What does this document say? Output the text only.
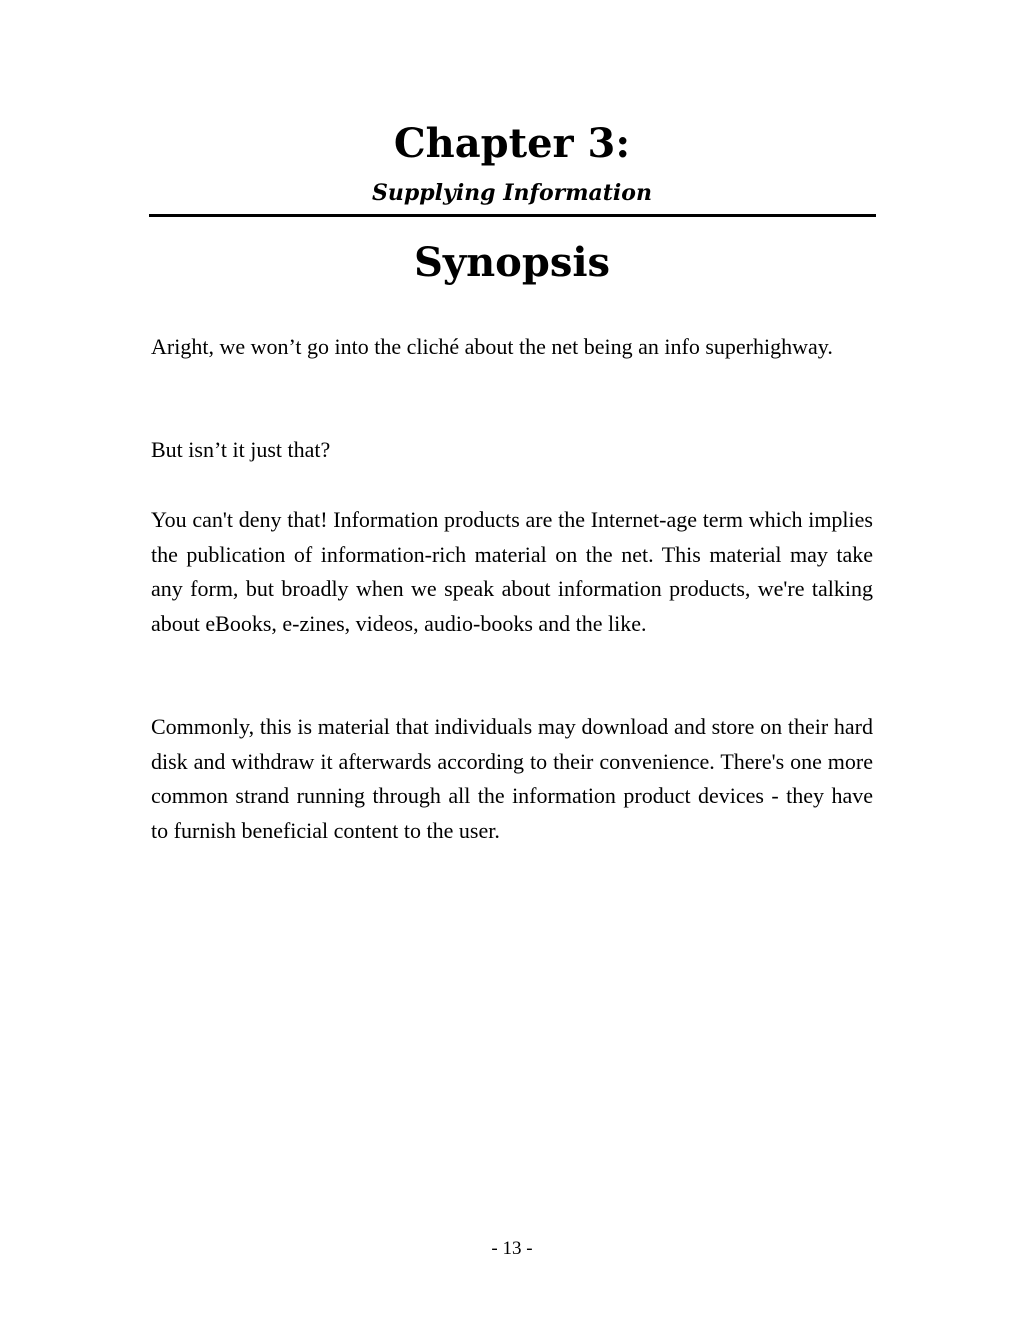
Chapter 3:
Supplying Information
Synopsis

Aright, we won’t go into the cliché about the net being an info superhighway.

But isn’t it just that?

You can't deny that! Information products are the Internet-age term which implies the publication of information-rich material on the net. This material may take any form, but broadly when we speak about information products, we're talking about eBooks, e-zines, videos, audio-books and the like.

Commonly, this is material that individuals may download and store on their hard disk and withdraw it afterwards according to their convenience. There's one more common strand running through all the information product devices - they have to furnish beneficial content to the user.

- 13 -
